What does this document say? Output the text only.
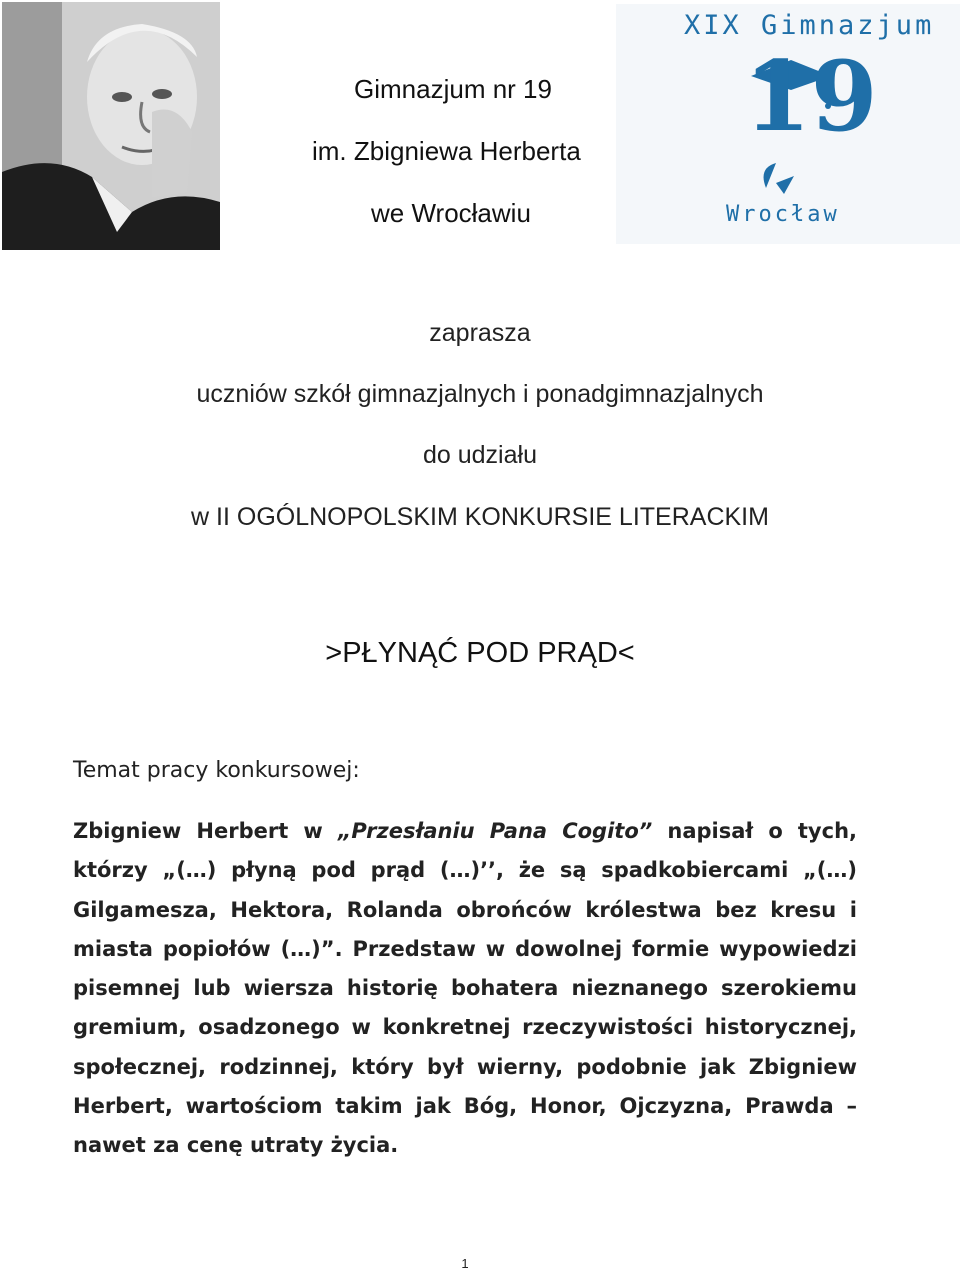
XIX Gimnazjum
19
Wrocław
Gimnazjum nr 19
im. Zbigniewa Herberta
we Wrocławiu
zaprasza
uczniów szkół gimnazjalnych i ponadgimnazjalnych
do udziału
w II OGÓLNOPOLSKIM KONKURSIE LITERACKIM
>PŁYNĄĆ POD PRĄD<
Temat pracy konkursowej:
Zbigniew Herbert w „Przesłaniu Pana Cogito” napisał o tych, którzy „(…) płyną pod prąd (…)’’, że są spadkobiercami „(…) Gilgamesza, Hektora, Rolanda obrońców królestwa bez kresu i miasta popiołów (…)”. Przedstaw w dowolnej formie wypowiedzi pisemnej lub wiersza historię bohatera nieznanego szerokiemu gremium, osadzonego w konkretnej rzeczywistości historycznej, społecznej, rodzinnej, który był wierny, podobnie jak Zbigniew Herbert, wartościom takim jak Bóg, Honor, Ojczyzna, Prawda – nawet za cenę utraty życia.
1
